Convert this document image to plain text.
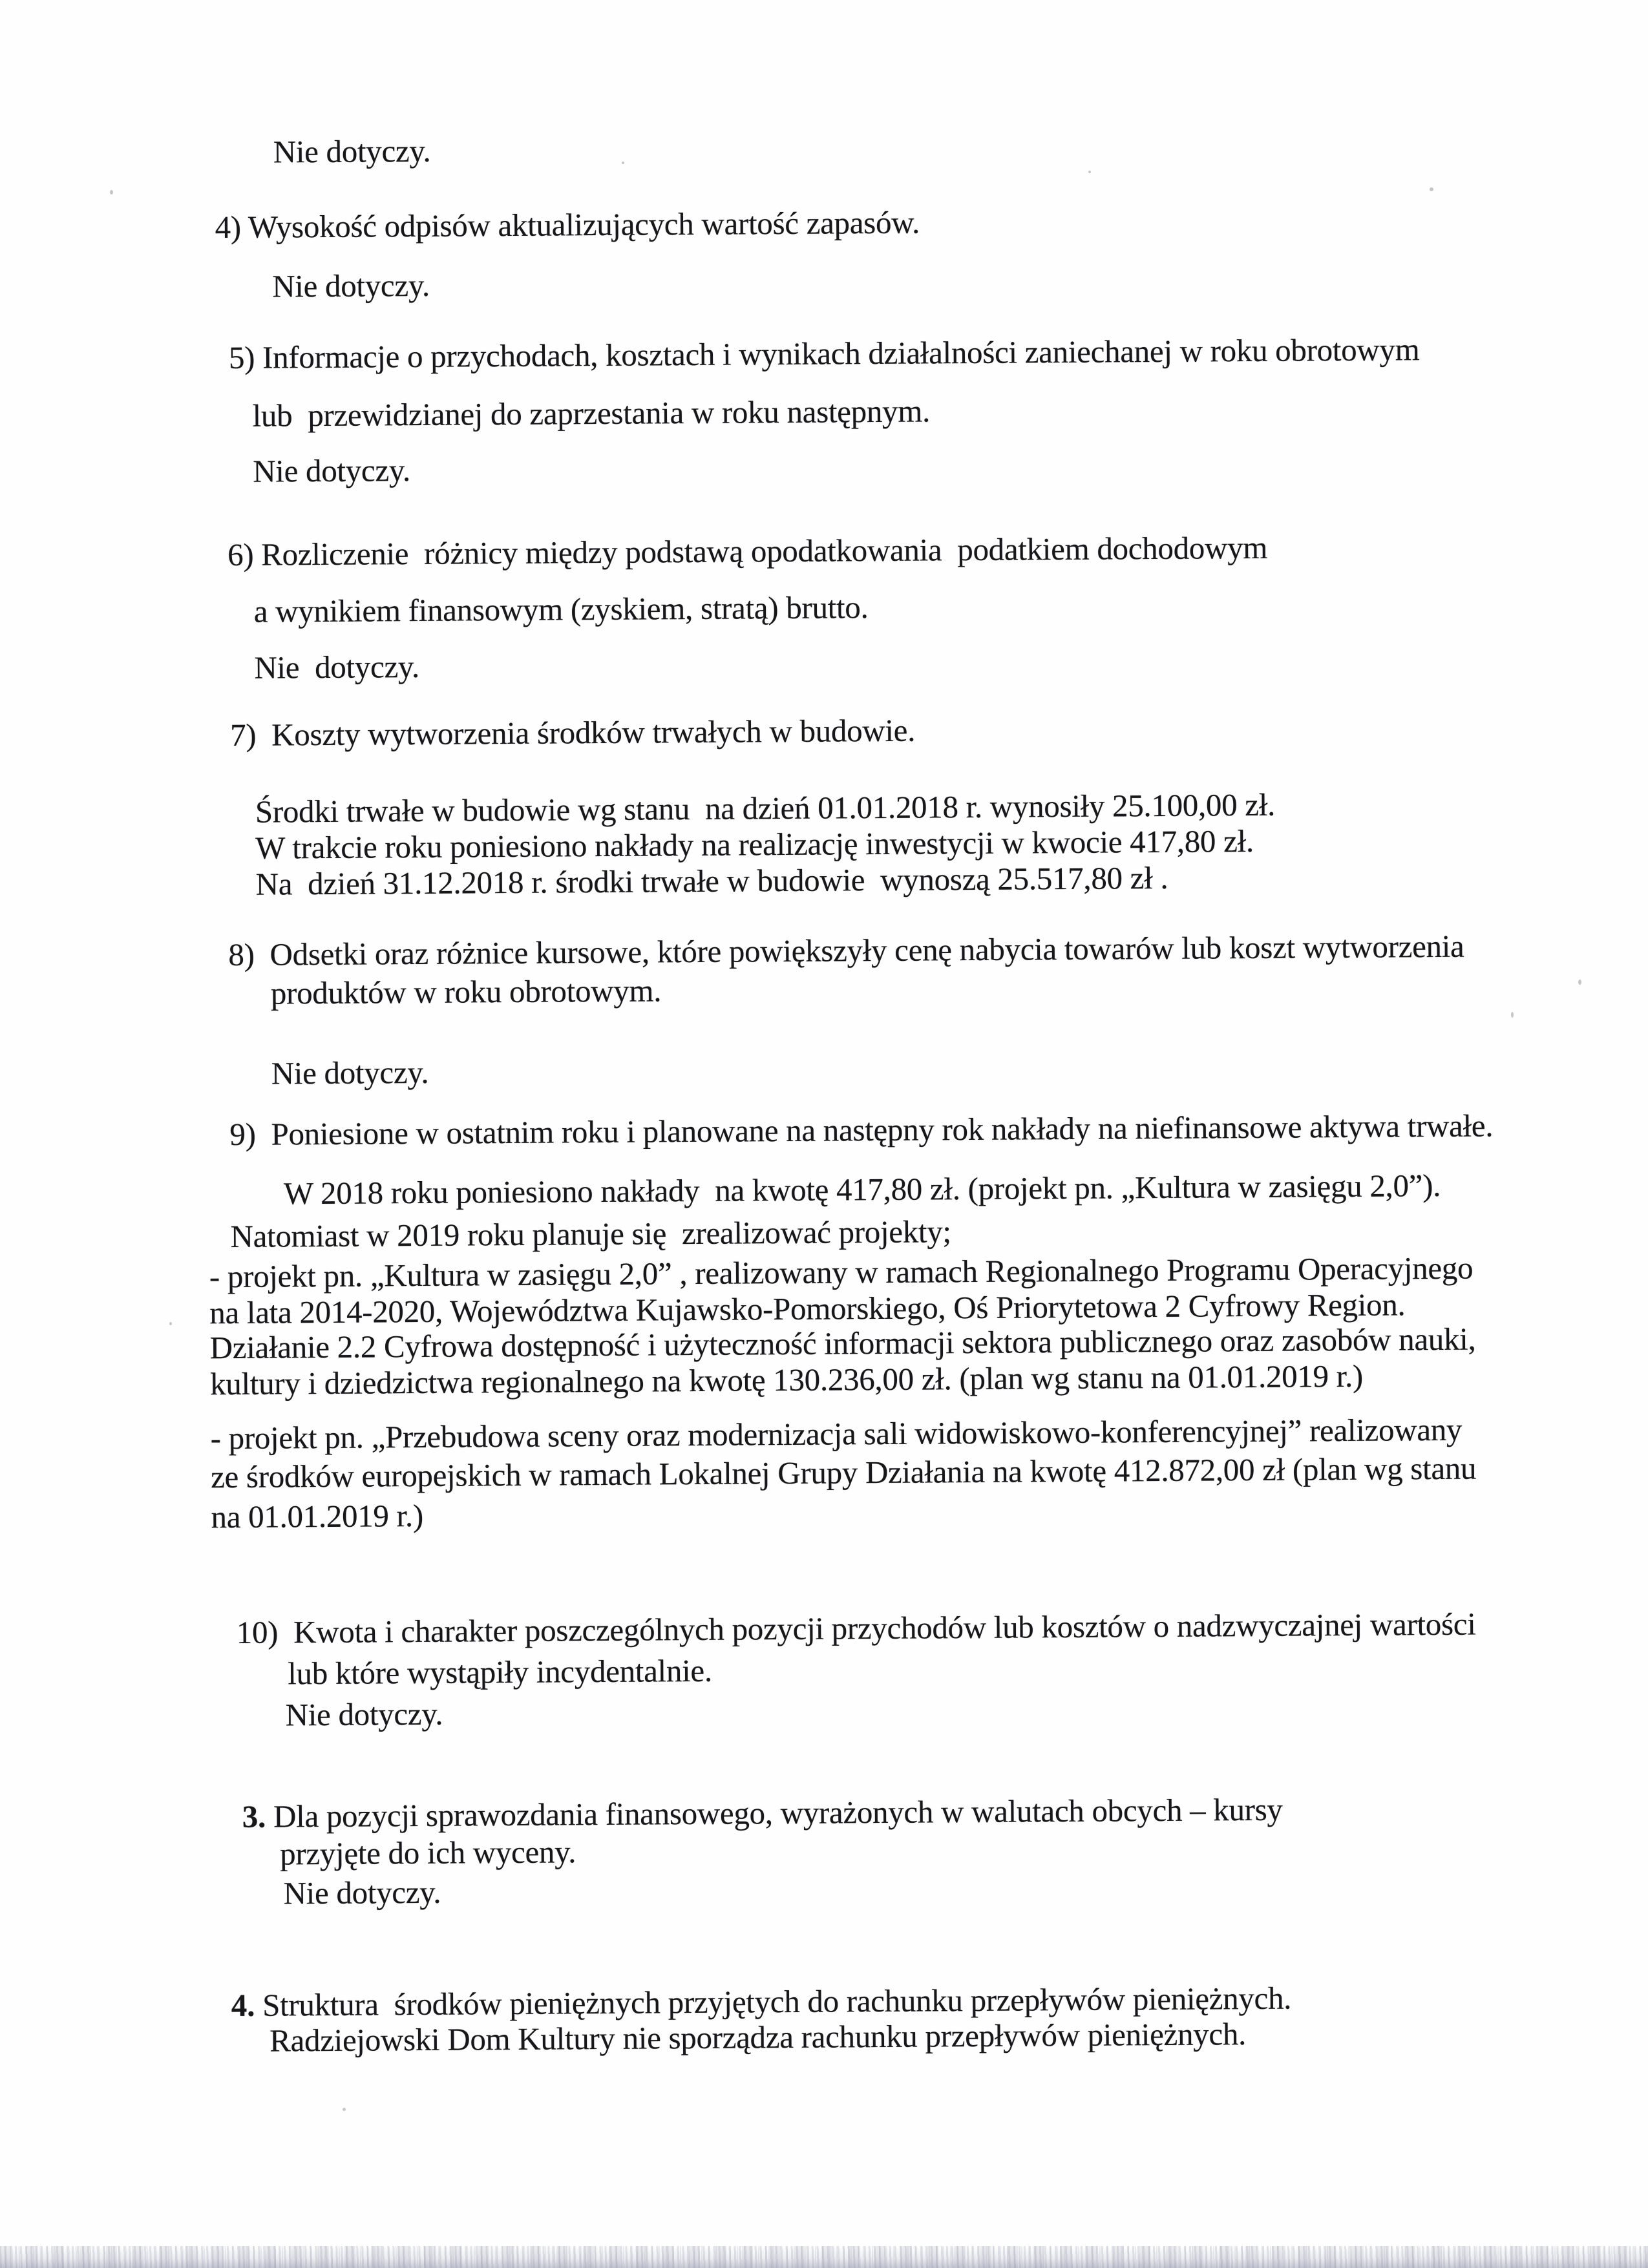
Nie dotyczy.
4) Wysokość odpisów aktualizujących wartość zapasów.
Nie dotyczy.
5) Informacje o przychodach, kosztach i wynikach działalności zaniechanej w roku obrotowym
lub  przewidzianej do zaprzestania w roku następnym.
Nie dotyczy.
6) Rozliczenie  różnicy między podstawą opodatkowania  podatkiem dochodowym
a wynikiem finansowym (zyskiem, stratą) brutto.
Nie  dotyczy.
7)  Koszty wytworzenia środków trwałych w budowie.
Środki trwałe w budowie wg stanu  na dzień 01.01.2018 r. wynosiły 25.100,00 zł.
W trakcie roku poniesiono nakłady na realizację inwestycji w kwocie 417,80 zł.
Na  dzień 31.12.2018 r. środki trwałe w budowie  wynoszą 25.517,80 zł .
8)  Odsetki oraz różnice kursowe, które powiększyły cenę nabycia towarów lub koszt wytworzenia
produktów w roku obrotowym.
Nie dotyczy.
9)  Poniesione w ostatnim roku i planowane na następny rok nakłady na niefinansowe aktywa trwałe.
W 2018 roku poniesiono nakłady  na kwotę 417,80 zł. (projekt pn. „Kultura w zasięgu 2,0”).
Natomiast w 2019 roku planuje się  zrealizować projekty;
- projekt pn. „Kultura w zasięgu 2,0” , realizowany w ramach Regionalnego Programu Operacyjnego
na lata 2014-2020, Województwa Kujawsko-Pomorskiego, Oś Priorytetowa 2 Cyfrowy Region.
Działanie 2.2 Cyfrowa dostępność i użyteczność informacji sektora publicznego oraz zasobów nauki,
kultury i dziedzictwa regionalnego na kwotę 130.236,00 zł. (plan wg stanu na 01.01.2019 r.)
- projekt pn. „Przebudowa sceny oraz modernizacja sali widowiskowo-konferencyjnej” realizowany
ze środków europejskich w ramach Lokalnej Grupy Działania na kwotę 412.872,00 zł (plan wg stanu
na 01.01.2019 r.)
10)  Kwota i charakter poszczególnych pozycji przychodów lub kosztów o nadzwyczajnej wartości
lub które wystąpiły incydentalnie.
Nie dotyczy.
3. Dla pozycji sprawozdania finansowego, wyrażonych w walutach obcych – kursy
przyjęte do ich wyceny.
Nie dotyczy.
4. Struktura  środków pieniężnych przyjętych do rachunku przepływów pieniężnych.
Radziejowski Dom Kultury nie sporządza rachunku przepływów pieniężnych.
